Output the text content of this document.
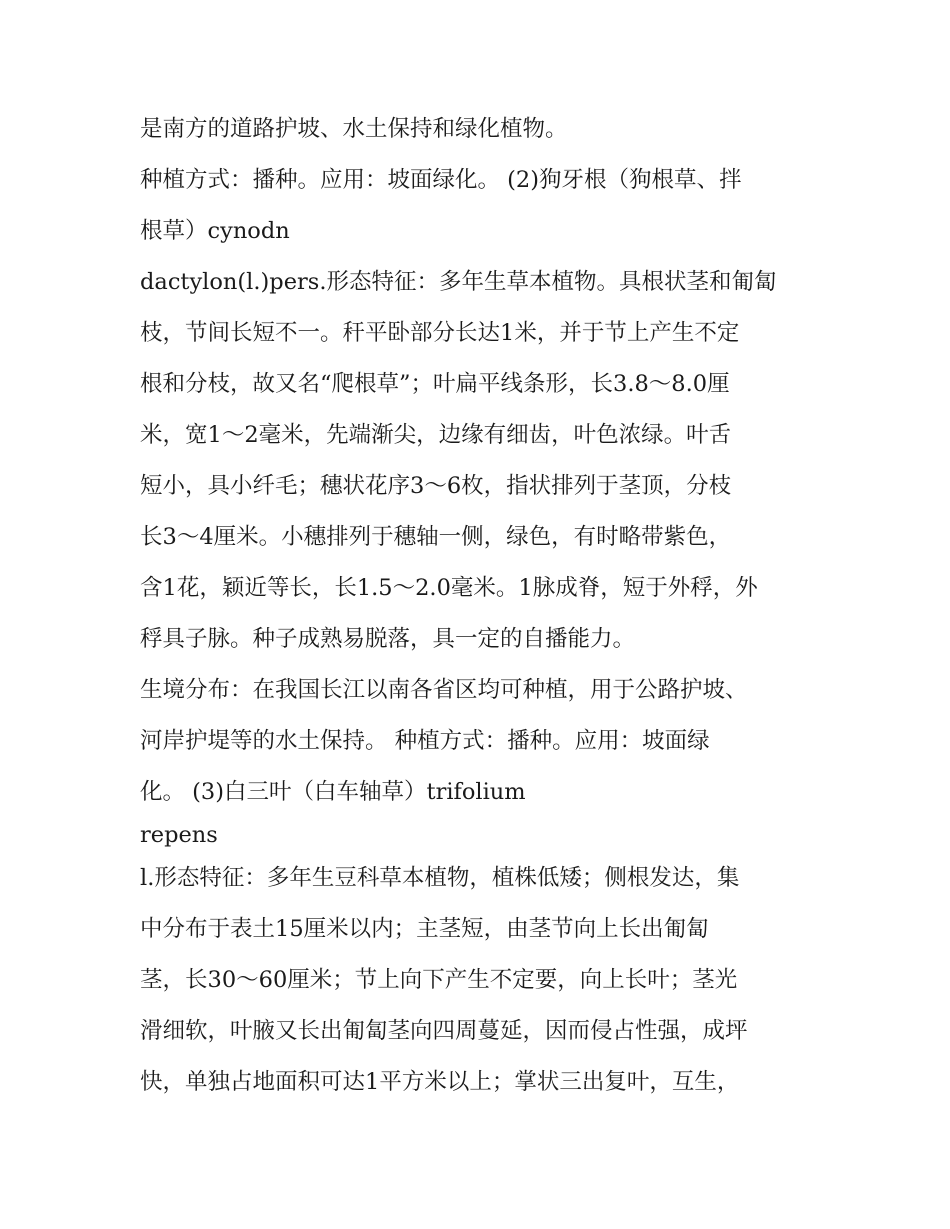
是南方的道路护坡、水土保持和绿化植物。
种植方式：播种。应用：坡面绿化。 (2)狗牙根（狗根草、拌
根草）cynodn
dactylon(l.)pers.形态特征：多年生草本植物。具根状茎和匍匐
枝，节间长短不一。秆平卧部分长达1米，并于节上产生不定
根和分枝，故又名“爬根草”；叶扁平线条形，长3.8～8.0厘
米，宽1～2毫米，先端渐尖，边缘有细齿，叶色浓绿。叶舌
短小，具小纤毛；穗状花序3～6枚，指状排列于茎顶，分枝
长3～4厘米。小穗排列于穗轴一侧，绿色，有时略带紫色，
含1花，颖近等长，长1.5～2.0毫米。1脉成脊，短于外稃，外
稃具子脉。种子成熟易脱落，具一定的自播能力。
生境分布：在我国长江以南各省区均可种植，用于公路护坡、
河岸护堤等的水土保持。 种植方式：播种。应用：坡面绿
化。 (3)白三叶（白车轴草）trifolium
repens
l.形态特征：多年生豆科草本植物，植株低矮；侧根发达，集
中分布于表土15厘米以内；主茎短，由茎节向上长出匍匐
茎，长30～60厘米；节上向下产生不定要，向上长叶；茎光
滑细软，叶腋又长出匍匐茎向四周蔓延，因而侵占性强，成坪
快，单独占地面积可达1平方米以上；掌状三出复叶，互生，
